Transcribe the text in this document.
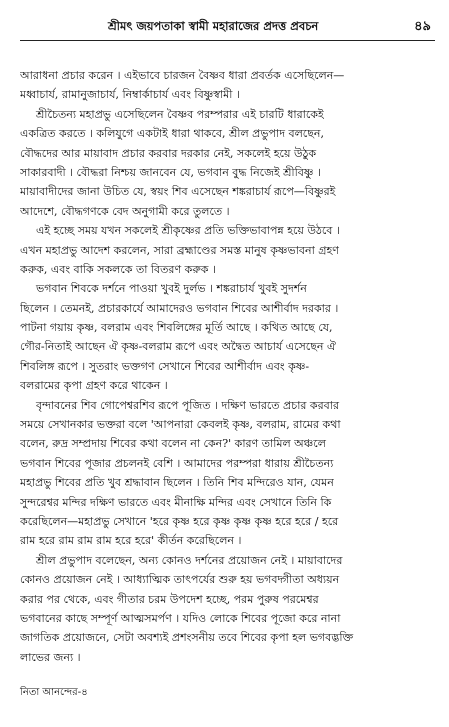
শ্রীমৎ জয়পতাকা স্বামী মহারাজের প্রদত্ত প্রবচন	৪৯
আরাধনা প্রচার করেন । এইভাবে চারজন বৈষ্ণব ধারা প্রবর্তক এসেছিলেন—
মধ্বাচার্য, রামানুজাচার্য, নিম্বার্কাচার্য এবং বিষ্ণুস্বামী ।
শ্রীচৈতন্য মহাপ্রভু এসেছিলেন বৈষ্ণব পরম্পরার এই চারটি ধারাকেই
একত্রিত করতে । কলিযুগে একটাই ধারা থাকবে, শ্রীল প্রভুপাদ বলছেন,
বৌদ্ধদের আর মায়াবাদ প্রচার করবার দরকার নেই, সকলেই হয়ে উঠুক
সাকারবাদী । বৌদ্ধরা নিশ্চয় জানবেন যে, ভগবান বুদ্ধ নিজেই শ্রীবিষ্ণু ।
মায়াবাদীদের জানা উচিত যে, স্বয়ং শিব এসেছেন শঙ্করাচার্য রূপে—বিষ্ণুরই
আদেশে, বৌদ্ধগণকে বেদ অনুগামী করে তুলতে ।
এই হচ্ছে সময় যখন সকলেই শ্রীকৃষ্ণের প্রতি ভক্তিভাবাপন্ন হয়ে উঠবে ।
এখন মহাপ্রভু আদেশ করলেন, সারা ব্রহ্মাণ্ডের সমস্ত মানুষ কৃষ্ণভাবনা গ্রহণ
করুক, এবং বাকি সকলকে তা বিতরণ করুক ।
ভগবান শিবকে দর্শনে পাওয়া খুবই দুর্লভ । শঙ্করাচার্য খুবই সুদর্শন
ছিলেন । তেমনই, প্রচারকার্যে আমাদেরও ভগবান শিবের আশীর্বাদ দরকার ।
পাটনা গয়ায় কৃষ্ণ, বলরাম এবং শিবলিঙ্গের মূর্তি আছে । কথিত আছে যে,
গৌর-নিতাই আছেন ঐ কৃষ্ণ-বলরাম রূপে এবং অদ্বৈত আচার্য এসেছেন ঐ
শিবলিঙ্গ রূপে । সুতরাং ভক্তগণ সেখানে শিবের আশীর্বাদ এবং কৃষ্ণ-
বলরামের কৃপা গ্রহণ করে থাকেন ।
বৃন্দাবনের শিব গোপেশ্বরশিব রূপে পূজিত । দক্ষিণ ভারতে প্রচার করবার
সময়ে সেখানকার ভক্তরা বলে 'আপনারা কেবলই কৃষ্ণ, বলরাম, রামের কথা
বলেন, রুদ্র সম্প্রদায় শিবের কথা বলেন না কেন?' কারণ তামিল অঞ্চলে
ভগবান শিবের পূজার প্রচলনই বেশি । আমাদের পরম্পরা ধারায় শ্রীচৈতন্য
মহাপ্রভু শিবের প্রতি খুব শ্রদ্ধাবান ছিলেন । তিনি শিব মন্দিরেও যান, যেমন
সুন্দরেশ্বর মন্দির দক্ষিণ ভারতে এবং মীনাক্ষি মন্দির এবং সেখানে তিনি কি
করেছিলেন—মহাপ্রভু সেখানে 'হরে কৃষ্ণ হরে কৃষ্ণ কৃষ্ণ কৃষ্ণ হরে হরে / হরে
রাম হরে রাম রাম রাম হরে হরে' কীর্তন করেছিলেন ।
শ্রীল প্রভুপাদ বলেছেন, অন্য কোনও দর্শনের প্রয়োজন নেই । মায়াবাদের
কোনও প্রয়োজন নেই । আধ্যাত্মিক তাৎপর্যের শুরু হয় ভগবদ্গীতা অধ্যয়ন
করার পর থেকে, এবং গীতার চরম উপদেশ হচ্ছে, পরম পুরুষ পরমেশ্বর
ভগবানের কাছে সম্পূর্ণ আত্মসমর্পণ । যদিও লোকে শিবের পূজো করে নানা
জাগতিক প্রয়োজনে, সেটা অবশ্যই প্রশংসনীয় তবে শিবের কৃপা হল ভগবদ্ভক্তি
লাভের জন্য ।
নিতা আনন্দের-৪
